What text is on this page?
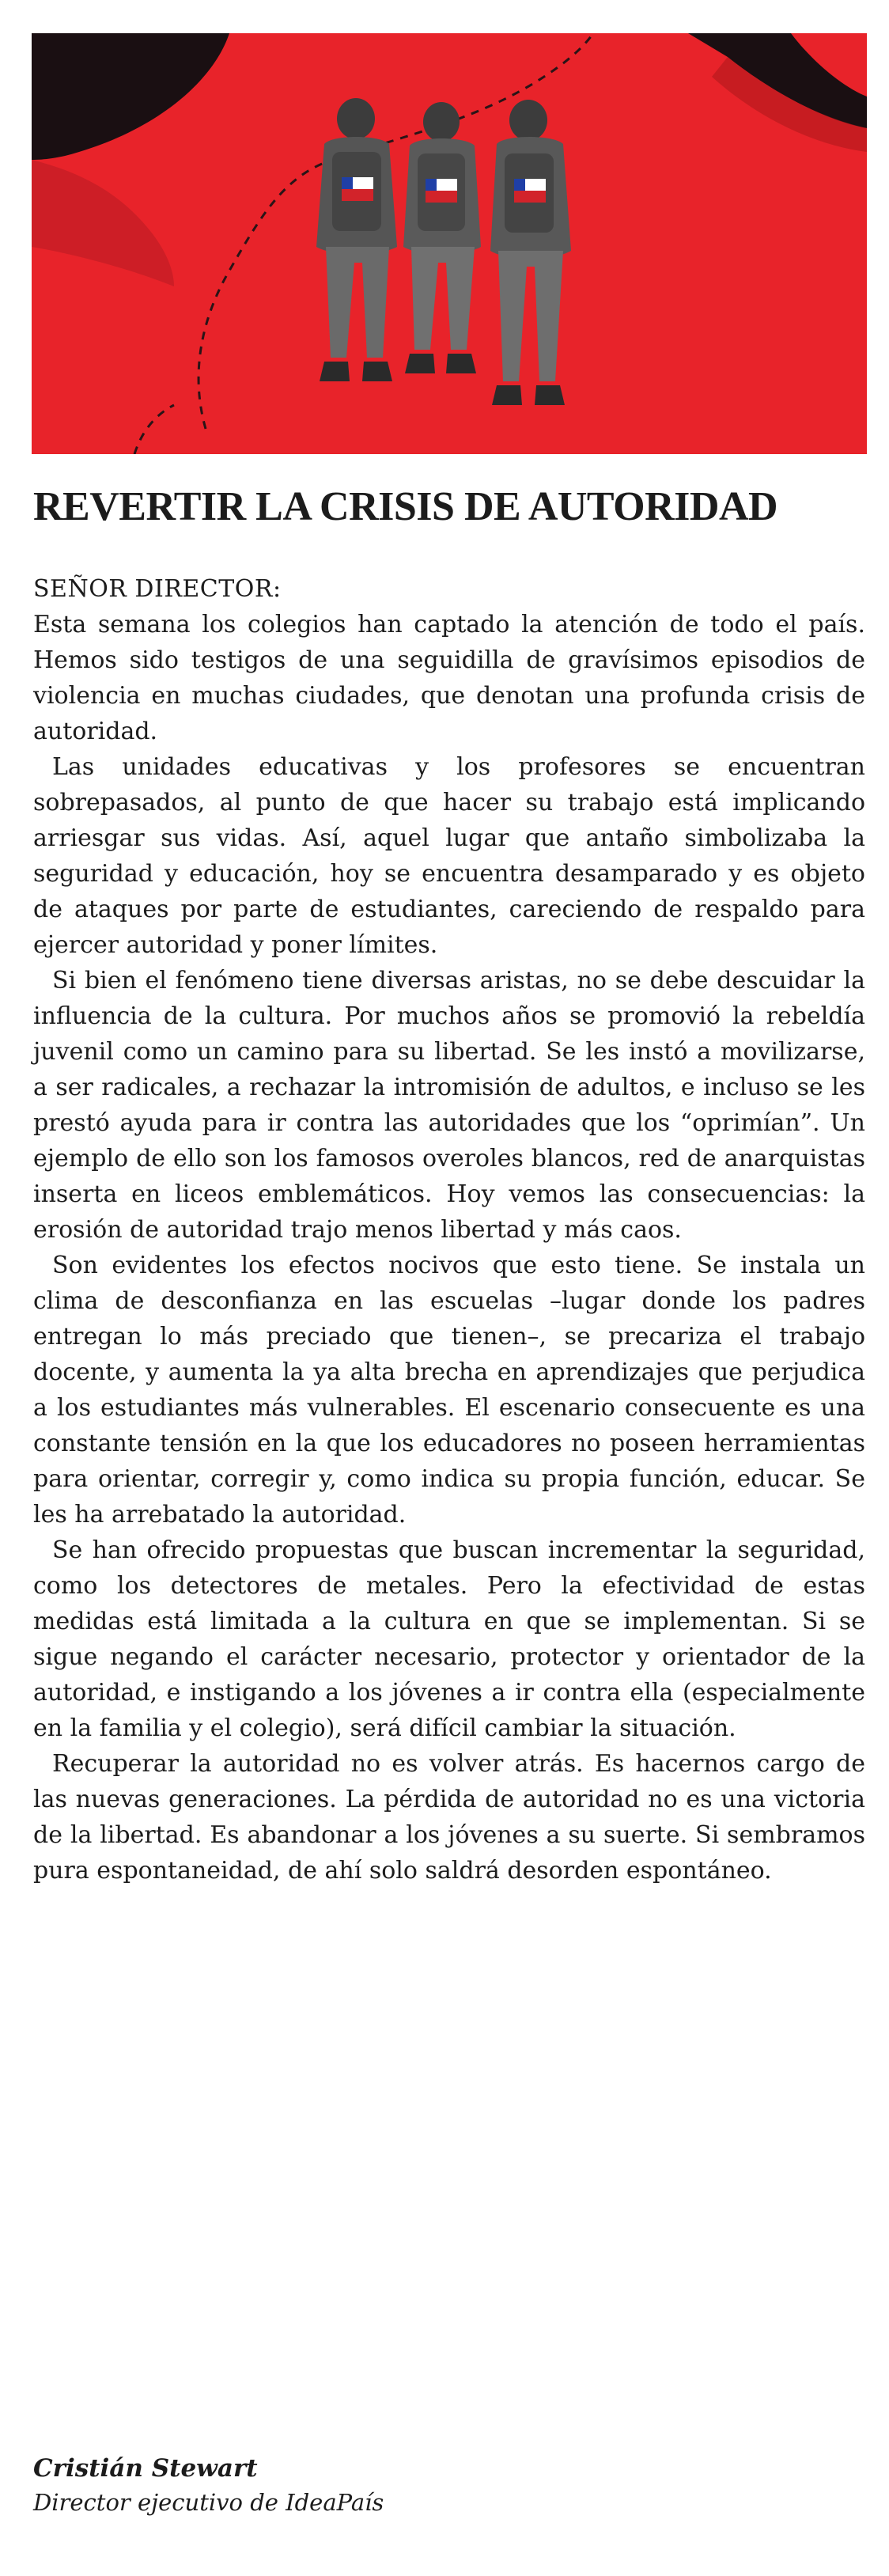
REVERTIR LA CRISIS DE AUTORIDAD

SEÑOR DIRECTOR:

Esta semana los colegios han captado la atención de todo el país. Hemos sido testigos de una seguidilla de gravísimos episodios de violencia en muchas ciudades, que denotan una profunda crisis de autoridad.

Las unidades educativas y los profesores se encuentran sobrepasados, al punto de que hacer su trabajo está implicando arriesgar sus vidas. Así, aquel lugar que antaño simbolizaba la seguridad y educación, hoy se encuentra desamparado y es objeto de ataques por parte de estudiantes, careciendo de respaldo para ejercer autoridad y poner límites.

Si bien el fenómeno tiene diversas aristas, no se debe descuidar la influencia de la cultura. Por muchos años se promovió la rebeldía juvenil como un camino para su libertad. Se les instó a movilizarse, a ser radicales, a rechazar la intromisión de adultos, e incluso se les prestó ayuda para ir contra las autoridades que los “oprimían”. Un ejemplo de ello son los famosos overoles blancos, red de anarquistas inserta en liceos emblemáticos. Hoy vemos las consecuencias: la erosión de autoridad trajo menos libertad y más caos.

Son evidentes los efectos nocivos que esto tiene. Se instala un clima de desconfianza en las escuelas –lugar donde los padres entregan lo más preciado que tienen–, se precariza el trabajo docente, y aumenta la ya alta brecha en aprendizajes que perjudica a los estudiantes más vulnerables. El escenario consecuente es una constante tensión en la que los educadores no poseen herramientas para orientar, corregir y, como indica su propia función, educar. Se les ha arrebatado la autoridad.

Se han ofrecido propuestas que buscan incrementar la seguridad, como los detectores de metales. Pero la efectividad de estas medidas está limitada a la cultura en que se implementan. Si se sigue negando el carácter necesario, protector y orientador de la autoridad, e instigando a los jóvenes a ir contra ella (especialmente en la familia y el colegio), será difícil cambiar la situación.

Recuperar la autoridad no es volver atrás. Es hacernos cargo de las nuevas generaciones. La pérdida de autoridad no es una victoria de la libertad. Es abandonar a los jóvenes a su suerte. Si sembramos pura espontaneidad, de ahí solo saldrá desorden espontáneo.

Cristián Stewart
Director ejecutivo de IdeaPaís
